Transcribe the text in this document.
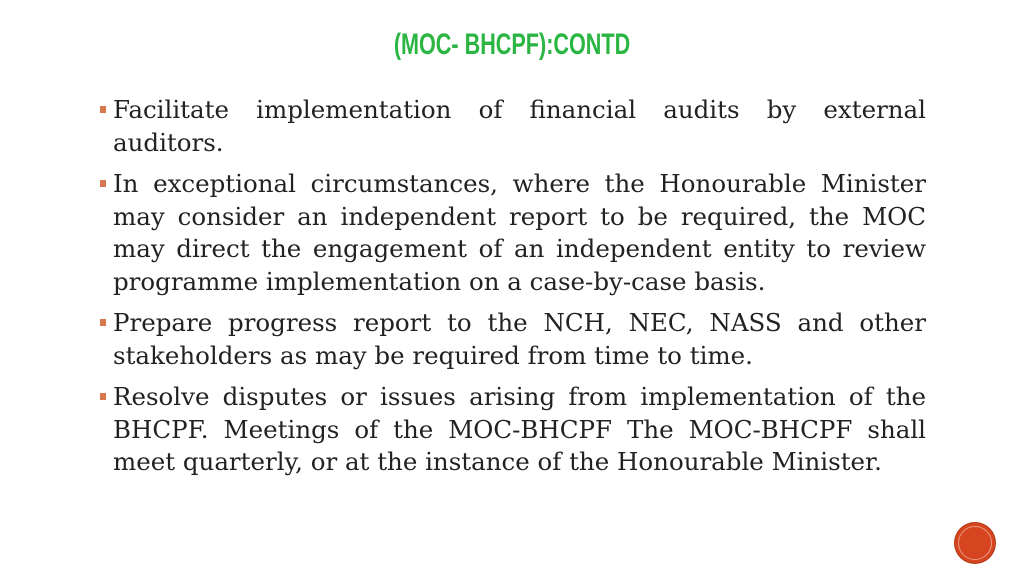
(MOC- BHCPF):CONTD
Facilitate implementation of financial audits by external auditors.
In exceptional circumstances, where the Honourable Minister may consider an independent report to be required, the MOC may direct the engagement of an independent entity to review programme implementation on a case-by-case basis.
Prepare progress report to the NCH, NEC, NASS and other stakeholders as may be required from time to time.
Resolve disputes or issues arising from implementation of the BHCPF. Meetings of the MOC-BHCPF The MOC-BHCPF shall meet quarterly, or at the instance of the Honourable Minister.
